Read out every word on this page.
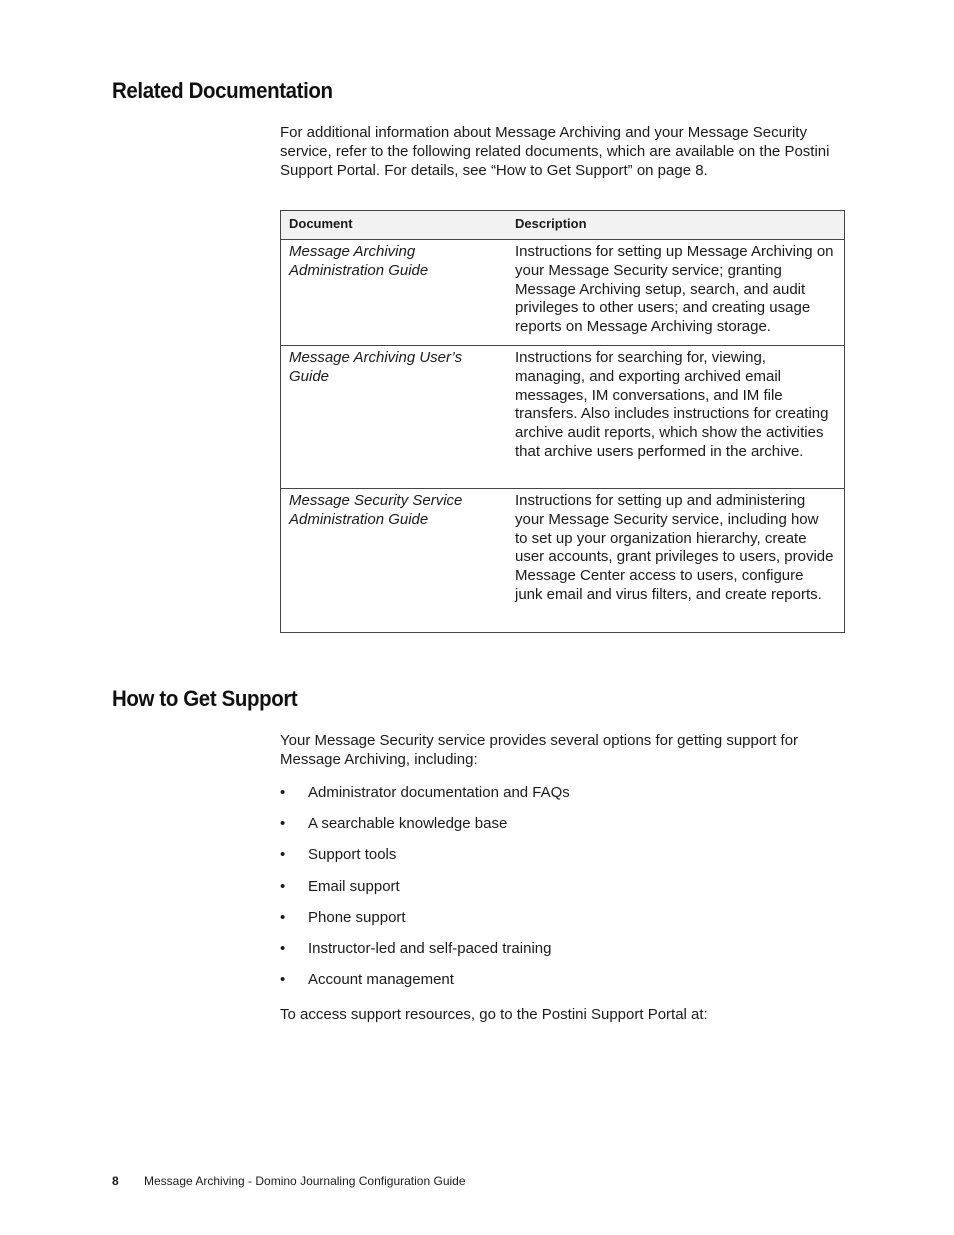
Related Documentation

For additional information about Message Archiving and your Message Security service, refer to the following related documents, which are available on the Postini Support Portal. For details, see “How to Get Support” on page 8.

Document	Description
Message Archiving Administration Guide	Instructions for setting up Message Archiving on your Message Security service; granting Message Archiving setup, search, and audit privileges to other users; and creating usage reports on Message Archiving storage.
Message Archiving User’s Guide	Instructions for searching for, viewing, managing, and exporting archived email messages, IM conversations, and IM file transfers. Also includes instructions for creating archive audit reports, which show the activities that archive users performed in the archive.
Message Security Service Administration Guide	Instructions for setting up and administering your Message Security service, including how to set up your organization hierarchy, create user accounts, grant privileges to users, provide Message Center access to users, configure junk email and virus filters, and create reports.
How to Get Support

Your Message Security service provides several options for getting support for Message Archiving, including:

• Administrator documentation and FAQs
• A searchable knowledge base
• Support tools
• Email support
• Phone support
• Instructor-led and self-paced training
• Account management

To access support resources, go to the Postini Support Portal at:

8 Message Archiving - Domino Journaling Configuration Guide
